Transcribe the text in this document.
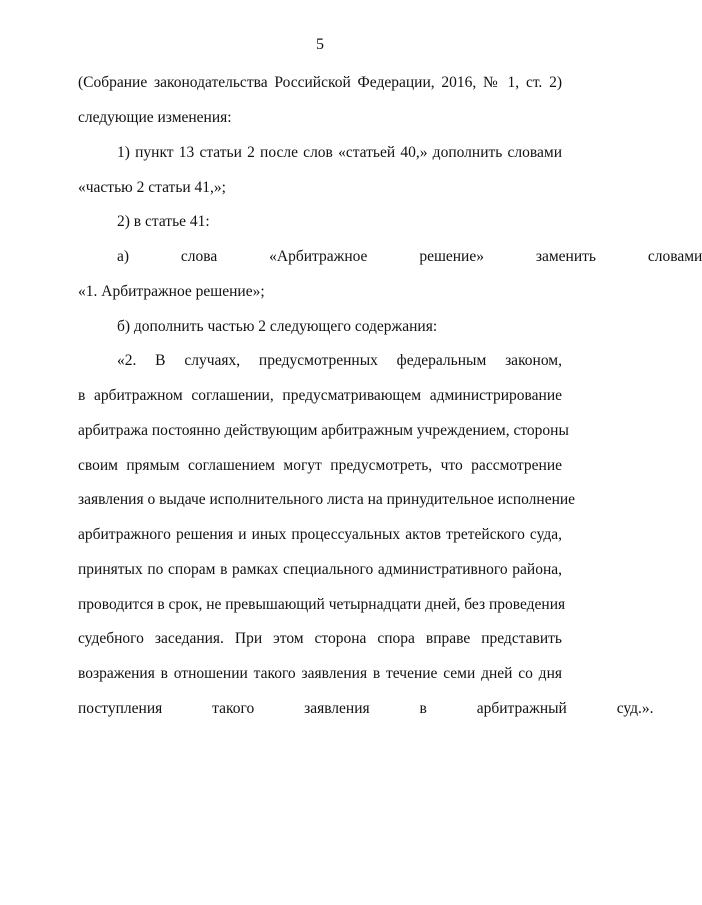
5
(Собрание законодательства Российской Федерации, 2016, № 1, ст. 2)
следующие изменения:
1) пункт 13 статьи 2 после слов «статьей 40,» дополнить словами
«частью 2 статьи 41,»;
2) в статье 41:
а) слова «Арбитражное решение» заменить словами
«1. Арбитражное решение»;
б) дополнить частью 2 следующего содержания:
«2. В случаях, предусмотренных федеральным законом,
в арбитражном соглашении, предусматривающем администрирование
арбитража постоянно действующим арбитражным учреждением, стороны
своим прямым соглашением могут предусмотреть, что рассмотрение
заявления о выдаче исполнительного листа на принудительное исполнение
арбитражного решения и иных процессуальных актов третейского суда,
принятых по спорам в рамках специального административного района,
проводится в срок, не превышающий четырнадцати дней, без проведения
судебного заседания. При этом сторона спора вправе представить
возражения в отношении такого заявления в течение семи дней со дня
поступления такого заявления в арбитражный суд.».
